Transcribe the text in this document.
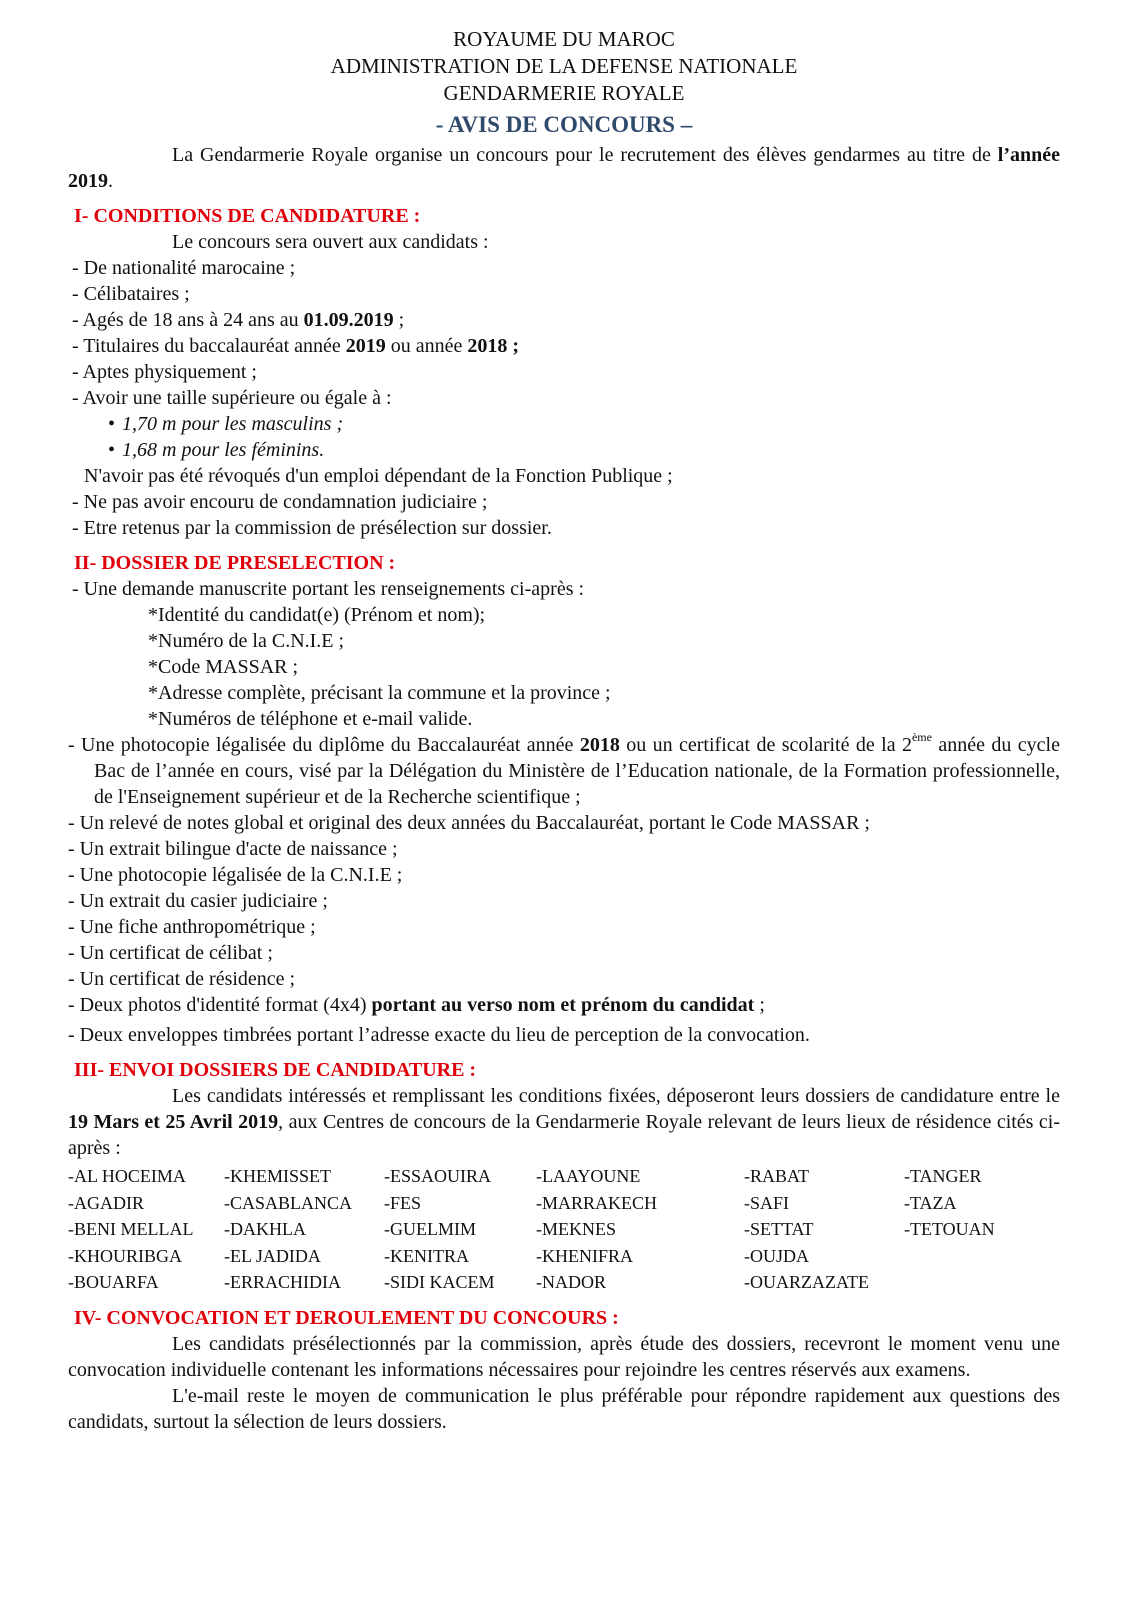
ROYAUME DU MAROC
ADMINISTRATION DE LA DEFENSE NATIONALE
GENDARMERIE ROYALE
- AVIS DE CONCOURS –

La Gendarmerie Royale organise un concours pour le recrutement des élèves gendarmes au titre de l’année 2019.

I- CONDITIONS DE CANDIDATURE :

Le concours sera ouvert aux candidats :

- De nationalité marocaine ;

- Célibataires ;

- Agés de 18 ans à 24 ans au 01.09.2019 ;

- Titulaires du baccalauréat année 2019 ou année 2018 ;

- Aptes physiquement ;

- Avoir une taille supérieure ou égale à :

• 1,70 m pour les masculins ;

• 1,68 m pour les féminins.

N'avoir pas été révoqués d'un emploi dépendant de la Fonction Publique ;

- Ne pas avoir encouru de condamnation judiciaire ;

- Etre retenus par la commission de présélection sur dossier.

II- DOSSIER DE PRESELECTION :

- Une demande manuscrite portant les renseignements ci-après :

*Identité du candidat(e) (Prénom et nom);

*Numéro de la C.N.I.E ;

*Code MASSAR ;

*Adresse complète, précisant la commune et la province ;

*Numéros de téléphone et e-mail valide.

- Une photocopie légalisée du diplôme du Baccalauréat année 2018 ou un certificat de scolarité de la 2ème année du cycle Bac de l’année en cours, visé par la Délégation du Ministère de l’Education nationale, de la Formation professionnelle, de l'Enseignement supérieur et de la Recherche scientifique ;

- Un relevé de notes global et original des deux années du Baccalauréat, portant le Code MASSAR ;

- Un extrait bilingue d'acte de naissance ;

- Une photocopie légalisée de la C.N.I.E ;

- Un extrait du casier judiciaire ;

- Une fiche anthropométrique ;

- Un certificat de célibat ;

- Un certificat de résidence ;

- Deux photos d'identité format (4x4) portant au verso nom et prénom du candidat ;

- Deux enveloppes timbrées portant l’adresse exacte du lieu de perception de la convocation.

III- ENVOI DOSSIERS DE CANDIDATURE :

Les candidats intéressés et remplissant les conditions fixées, déposeront leurs dossiers de candidature entre le 19 Mars et 25 Avril 2019, aux Centres de concours de la Gendarmerie Royale relevant de leurs lieux de résidence cités ci-après :

-AL HOCEIMA	-KHEMISSET	-ESSAOUIRA	-LAAYOUNE	-RABAT	-TANGER
-AGADIR	-CASABLANCA	-FES	-MARRAKECH	-SAFI	-TAZA
-BENI MELLAL	-DAKHLA	-GUELMIM	-MEKNES	-SETTAT	-TETOUAN
-KHOURIBGA	-EL JADIDA	-KENITRA	-KHENIFRA	-OUJDA
-BOUARFA	-ERRACHIDIA	-SIDI KACEM	-NADOR	-OUARZAZATE
IV- CONVOCATION ET DEROULEMENT DU CONCOURS :

Les candidats présélectionnés par la commission, après étude des dossiers, recevront le moment venu une convocation individuelle contenant les informations nécessaires pour rejoindre les centres réservés aux examens.

L'e-mail reste le moyen de communication le plus préférable pour répondre rapidement aux questions des candidats, surtout la sélection de leurs dossiers.
